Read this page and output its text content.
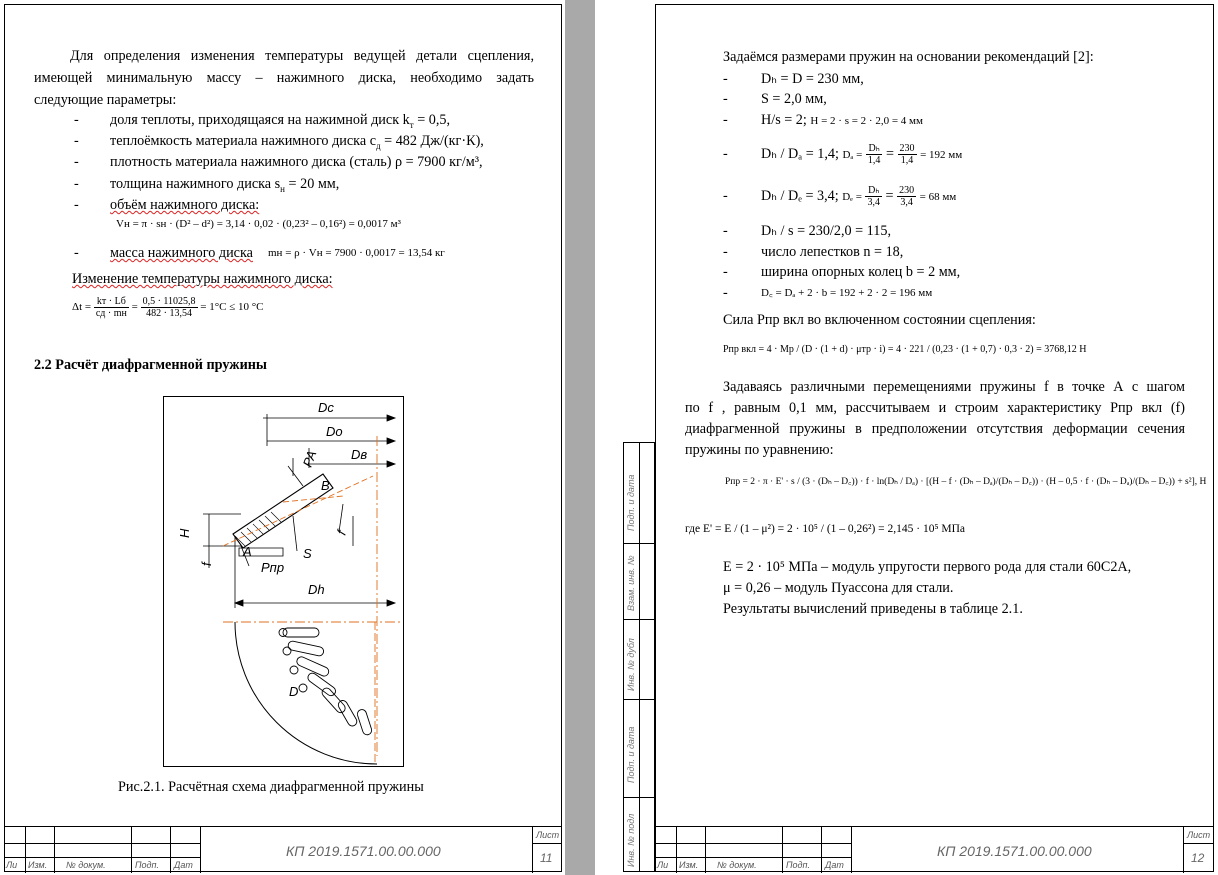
Для определения изменения температуры ведущей детали сцепления,
имеющей минимальную массу – нажимного диска, необходимо задать
следующие параметры:
- доля теплоты, приходящаяся на нажимной диск $k_т = 0,5$,
- теплоёмкость материала нажимного диска $с_д = 482$ Дж/(кг·К),
- плотность материала нажимного диска (сталь) ρ = 7900 кг/м³,
- толщина нажимного диска $s_н = 20$ мм,
- объём нажимного диска:
Vн = π · sн · (D² – d²) = 3,14 · 0,02 · (0,23² – 0,16²) = 0,0017 м³
- масса нажимного диска mн = ρ · Vн = 7900 · 0,0017 = 13,54 кг
Изменение температуры нажимного диска:
$\Delta t = \frac{kт \cdot Lб}{cд \cdot mн} = \frac{0,5 \cdot 11025,8}{482 \cdot 13,54} = 1^\circ С \le 10$ °С
2.2 Расчёт диафрагменной пружины
Dc
Dо
Dв
PA
B
f
H
f
A	S
Pпр
Dh
D
Рис.2.1. Расчётная схема диафрагменной пружины
Ли Изм. № докум.	Подп. Дат
КП 2019.1571.00.00.000
Лист
11
Подп. и дата
Взам. инв. №
Инв. № дубл
Подп. и дата
Инв. № подл
Задаёмся размерами пружин на основании рекомендаций [2]:
- Dₕ = D = 230 мм,
- S = 2,0 мм,
- H/s = 2; H = 2 · s = 2 · 2,0 = 4 мм
- Dₕ / Dₐ = 1,4; $D_a = \frac{\text{Dₕ}}{1,4} = \frac{230}{1,4} = 192$ мм
- Dₕ / Dₑ = 3,4; $D_e = \frac{\text{Dₕ}}{3,4} = \frac{230}{3,4} = 68$ мм
- Dₕ / s = 230/2,0 = 115,
- число лепестков n = 18,
- ширина опорных колец b = 2 мм,
-	D꜀ = Dₐ + 2 · b = 192 + 2 · 2 = 196 мм
Сила Pпр вкл во включенном состоянии сцепления:
Pпр вкл = 4 · Mр / (D · (1 + d) · μтр · i) = 4 · 221 / (0,23 · (1 + 0,7) · 0,3 · 2) = 3768,12 Н
Задаваясь различными перемещениями пружины f в точке А с шагом
по f , равным 0,1 мм, рассчитываем и строим характеристику Pпр вкл (f)
диафрагменной пружины в предположении отсутствия деформации сечения
пружины по уравнению:
Pпр = 2 · π · E' · s / (3 · (Dₕ – D꜀)) · f · ln(Dₕ / Dₐ) · [(H – f · (Dₕ – Dₐ)/(Dₕ – D꜀)) · (H – 0,5 · f · (Dₕ – Dₐ)/(Dₕ – D꜀)) + s²], Н
где E' = E / (1 – μ²) = 2 · 10⁵ / (1 – 0,26²) = 2,145 · 10⁵ МПа
E = 2 · 10⁵ МПа – модуль упругости первого рода для стали 60С2А,
μ = 0,26 – модуль Пуассона для стали.
Результаты вычислений приведены в таблице 2.1.
Ли Изм. № докум.	Подп. Дат
КП 2019.1571.00.00.000
Лист
12
